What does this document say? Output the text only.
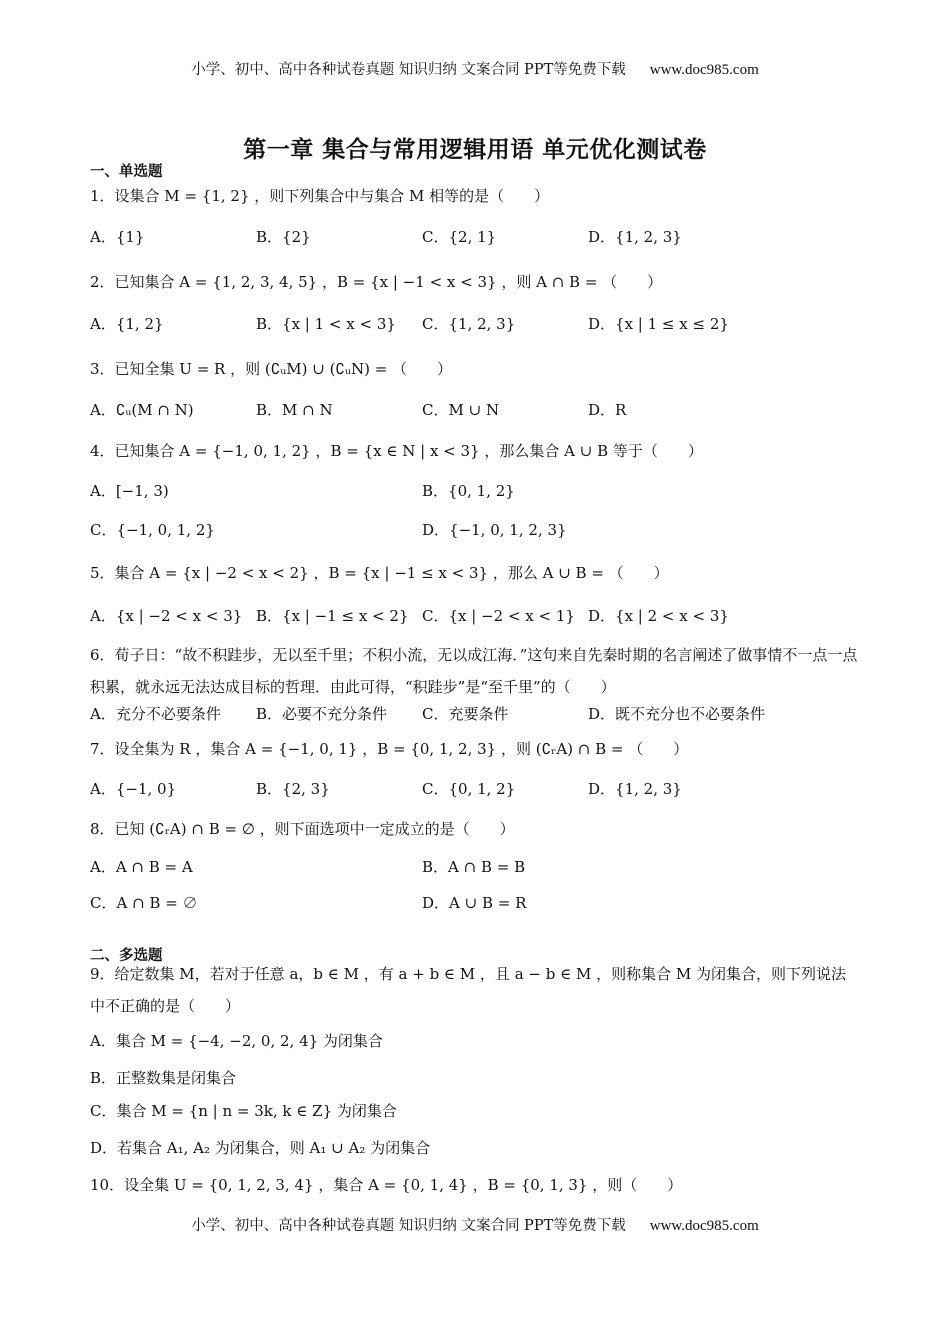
小学、初中、高中各种试卷真题 知识归纳 文案合同 PPT等免费下载 www.doc985.com
第一章 集合与常用逻辑用语 单元优化测试卷
一、单选题
1．设集合 M = {1, 2} ，则下列集合中与集合 M 相等的是（　　）
A．{1}	B．{2}	C．{2, 1}	D．{1, 2, 3}
2．已知集合 A = {1, 2, 3, 4, 5} ，B = {x | −1 < x < 3} ，则 A ∩ B = （　　）
A．{1, 2}	B．{x | 1 < x < 3} C．{1, 2, 3}	D．{x | 1 ≤ x ≤ 2}
3．已知全集 U = R ，则 (∁ᵤM) ∪ (∁ᵤN) = （　　）
A．∁ᵤ(M ∩ N)	B．M ∩ N	C．M ∪ N	D．R
4．已知集合 A = {−1, 0, 1, 2} ，B = {x ∈ N | x < 3} ，那么集合 A ∪ B 等于（　　）
A．[−1, 3)	B．{0, 1, 2}
C．{−1, 0, 1, 2}	D．{−1, 0, 1, 2, 3}
5．集合 A = {x | −2 < x < 2} ，B = {x | −1 ≤ x < 3} ，那么 A ∪ B = （　　）
A．{x | −2 < x < 3} B．{x | −1 ≤ x < 2} C．{x | −2 < x < 1} D．{x | 2 < x < 3}
6．荀子日：“故不积跬步，无以至千里；不积小流，无以成江海．”这句来自先秦时期的名言阐述了做事情不一点一点积累，就永远无法达成目标的哲理．由此可得，“积跬步”是“至千里”的（　　）
A．充分不必要条件 B．必要不充分条件 C．充要条件	D．既不充分也不必要条件
7．设全集为 R ，集合 A = {−1, 0, 1} ，B = {0, 1, 2, 3} ，则 (∁ᵣA) ∩ B = （　　）
A．{−1, 0}	B．{2, 3}	C．{0, 1, 2}	D．{1, 2, 3}
8．已知 (∁ᵣA) ∩ B = ∅ ，则下面选项中一定成立的是（　　）
A．A ∩ B = A	B．A ∩ B = B
C．A ∩ B = ∅	D．A ∪ B = R
二、多选题
9．给定数集 M，若对于任意 a，b ∈ M ，有 a + b ∈ M ，且 a − b ∈ M ，则称集合 M 为闭集合，则下列说法中不正确的是（　　）
A．集合 M = {−4, −2, 0, 2, 4} 为闭集合
B．正整数集是闭集合
C．集合 M = {n | n = 3k, k ∈ Z} 为闭集合
D．若集合 A₁, A₂ 为闭集合，则 A₁ ∪ A₂ 为闭集合
10．设全集 U = {0, 1, 2, 3, 4} ，集合 A = {0, 1, 4} ，B = {0, 1, 3} ，则（　　）
小学、初中、高中各种试卷真题 知识归纳 文案合同 PPT等免费下载 www.doc985.com
